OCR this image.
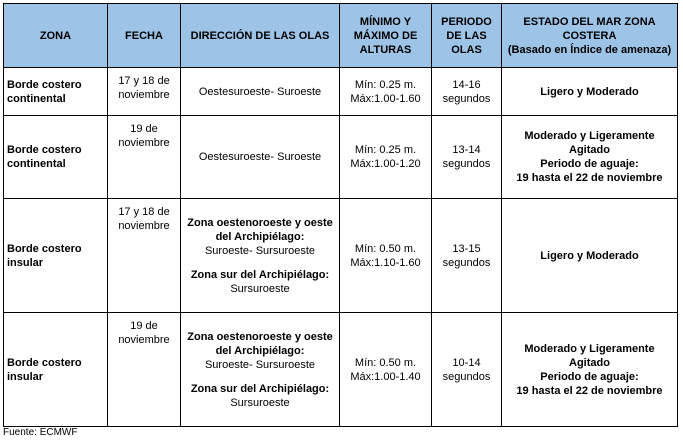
ZONA	FECHA	DIRECCIÓN DE LAS OLAS	MÍNIMO Y MÁXIMO DE ALTURAS	PERIODO DE LAS OLAS	ESTADO DEL MAR ZONA COSTERA
(Basado en Índice de amenaza)

Borde costero continental	17 y 18 de noviembre	Oestesuroeste- Suroeste	Mín: 0.25 m.
Máx:1.00-1.60	14-16 segundos	Ligero y Moderado

Borde costero continental	19 de noviembre	Oestesuroeste- Suroeste	Mín: 0.25 m.
Máx:1.00-1.20	13-14 segundos	Moderado y Ligeramente Agitado
Periodo de aguaje:
19 hasta el 22 de noviembre

Borde costero insular	17 y 18 de noviembre	Zona oestenoroeste y oeste del Archipiélago:
Suroeste- Sursuroeste
Zona sur del Archipiélago:
Sursuroeste	Mín: 0.50 m.
Máx:1.10-1.60	13-15 segundos	Ligero y Moderado

Borde costero insular	19 de noviembre	Zona oestenoroeste y oeste del Archipiélago:
Suroeste- Sursuroeste
Zona sur del Archipiélago:
Sursuroeste	Mín: 0.50 m.
Máx:1.00-1.40	10-14 segundos	Moderado y Ligeramente Agitado
Periodo de aguaje:
19 hasta el 22 de noviembre
Fuente: ECMWF
